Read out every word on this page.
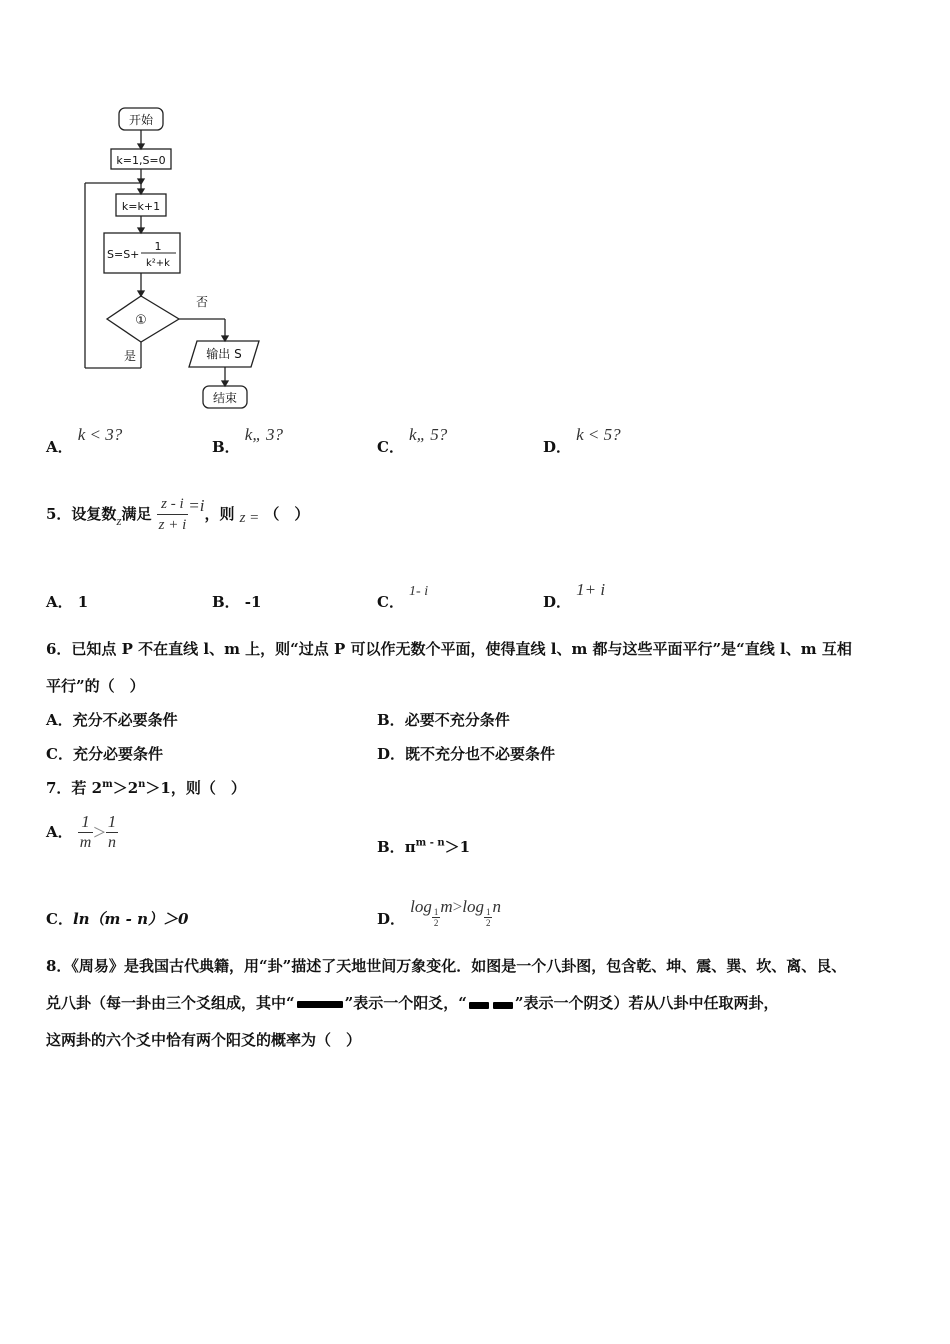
开始
k=1,S=0
k=k+1
S=S+
1
k²+k
①
否
是	输出 S
结束
A． k < 3?
B． k„ 3?
C． k„ 5?
D． k < 5?
5．设复数$_z$满足 $\frac{z - i}{z + i} =i$，则 z = （　）
A． 1	B． -1	C． 1- i
D． 1+ i
6．已知点 P 不在直线 l、m 上，则“过点 P 可以作无数个平面，使得直线 l、m 都与这些平面平行”是“直线 l、m 互相
平行”的（　）
A．充分不必要条件	B．必要不充分条件
C．充分必要条件	D．既不充分也不必要条件
7．若 $2^m>2^n>1$，则（　）
A． $\frac{1}{m} > \frac{1}{n}$	B．$\pi^{m - n}>1$
C．ln（m - n）＞0	D． log
$\frac{1}{2}$
m>log
$\frac{1}{2}$
n
8．《周易》是我国古代典籍，用“卦”描述了天地世间万象变化．如图是一个八卦图，包含乾、坤、震、巽、坎、离、艮、
兑八卦（每一卦由三个爻组成，其中“	”表示一个阳爻，“	”表示一个阴爻）若从八卦中任取两卦，
这两卦的六个爻中恰有两个阳爻的概率为（　）
